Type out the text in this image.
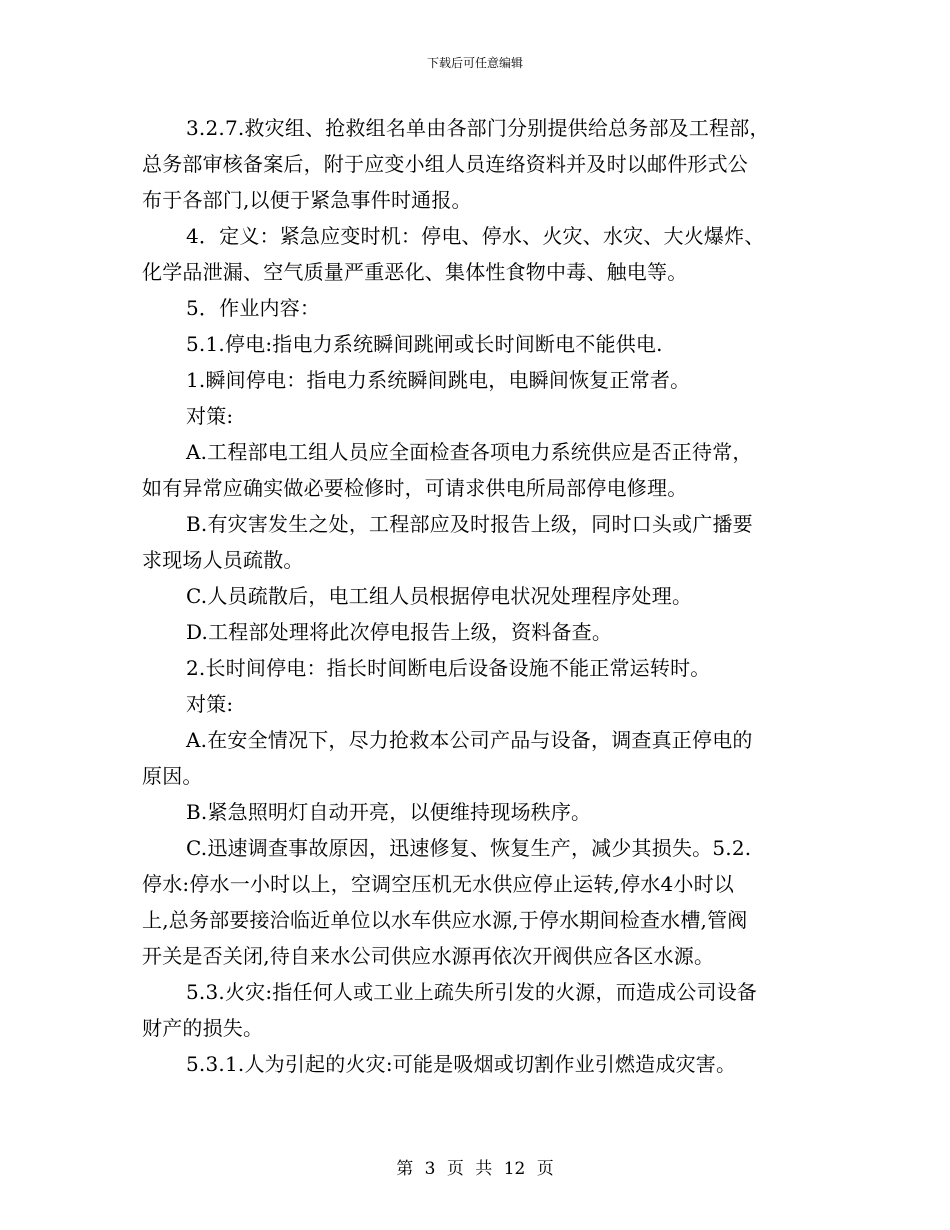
下载后可任意编辑
3.2.7.救灾组、抢救组名单由各部门分别提供给总务部及工程部，
总务部审核备案后，附于应变小组人员连络资料并及时以邮件形式公
布于各部门,以便于紧急事件时通报。
4．定义：紧急应变时机：停电、停水、火灾、水灾、大火爆炸、
化学品泄漏、空气质量严重恶化、集体性食物中毒、触电等。
5．作业内容：
5.1.停电:指电力系统瞬间跳闸或长时间断电不能供电.
1.瞬间停电：指电力系统瞬间跳电，电瞬间恢复正常者。
对策:
A.工程部电工组人员应全面检查各项电力系统供应是否正待常，
如有异常应确实做必要检修时，可请求供电所局部停电修理。
B.有灾害发生之处，工程部应及时报告上级，同时口头或广播要
求现场人员疏散。
C.人员疏散后，电工组人员根据停电状况处理程序处理。
D.工程部处理将此次停电报告上级，资料备查。
2.长时间停电：指长时间断电后设备设施不能正常运转时。
对策:
A.在安全情况下，尽力抢救本公司产品与设备，调查真正停电的
原因。
B.紧急照明灯自动开亮，以便维持现场秩序。
C.迅速调查事故原因，迅速修复、恢复生产，减少其损失。5.2.
停水:停水一小时以上，空调空压机无水供应停止运转,停水4小时以
上,总务部要接洽临近单位以水车供应水源,于停水期间检查水槽,管阀
开关是否关闭,待自来水公司供应水源再依次开阀供应各区水源。
5.3.火灾:指任何人或工业上疏失所引发的火源，而造成公司设备
财产的损失。
5.3.1.人为引起的火灾:可能是吸烟或切割作业引燃造成灾害。
第 3 页 共 12 页
